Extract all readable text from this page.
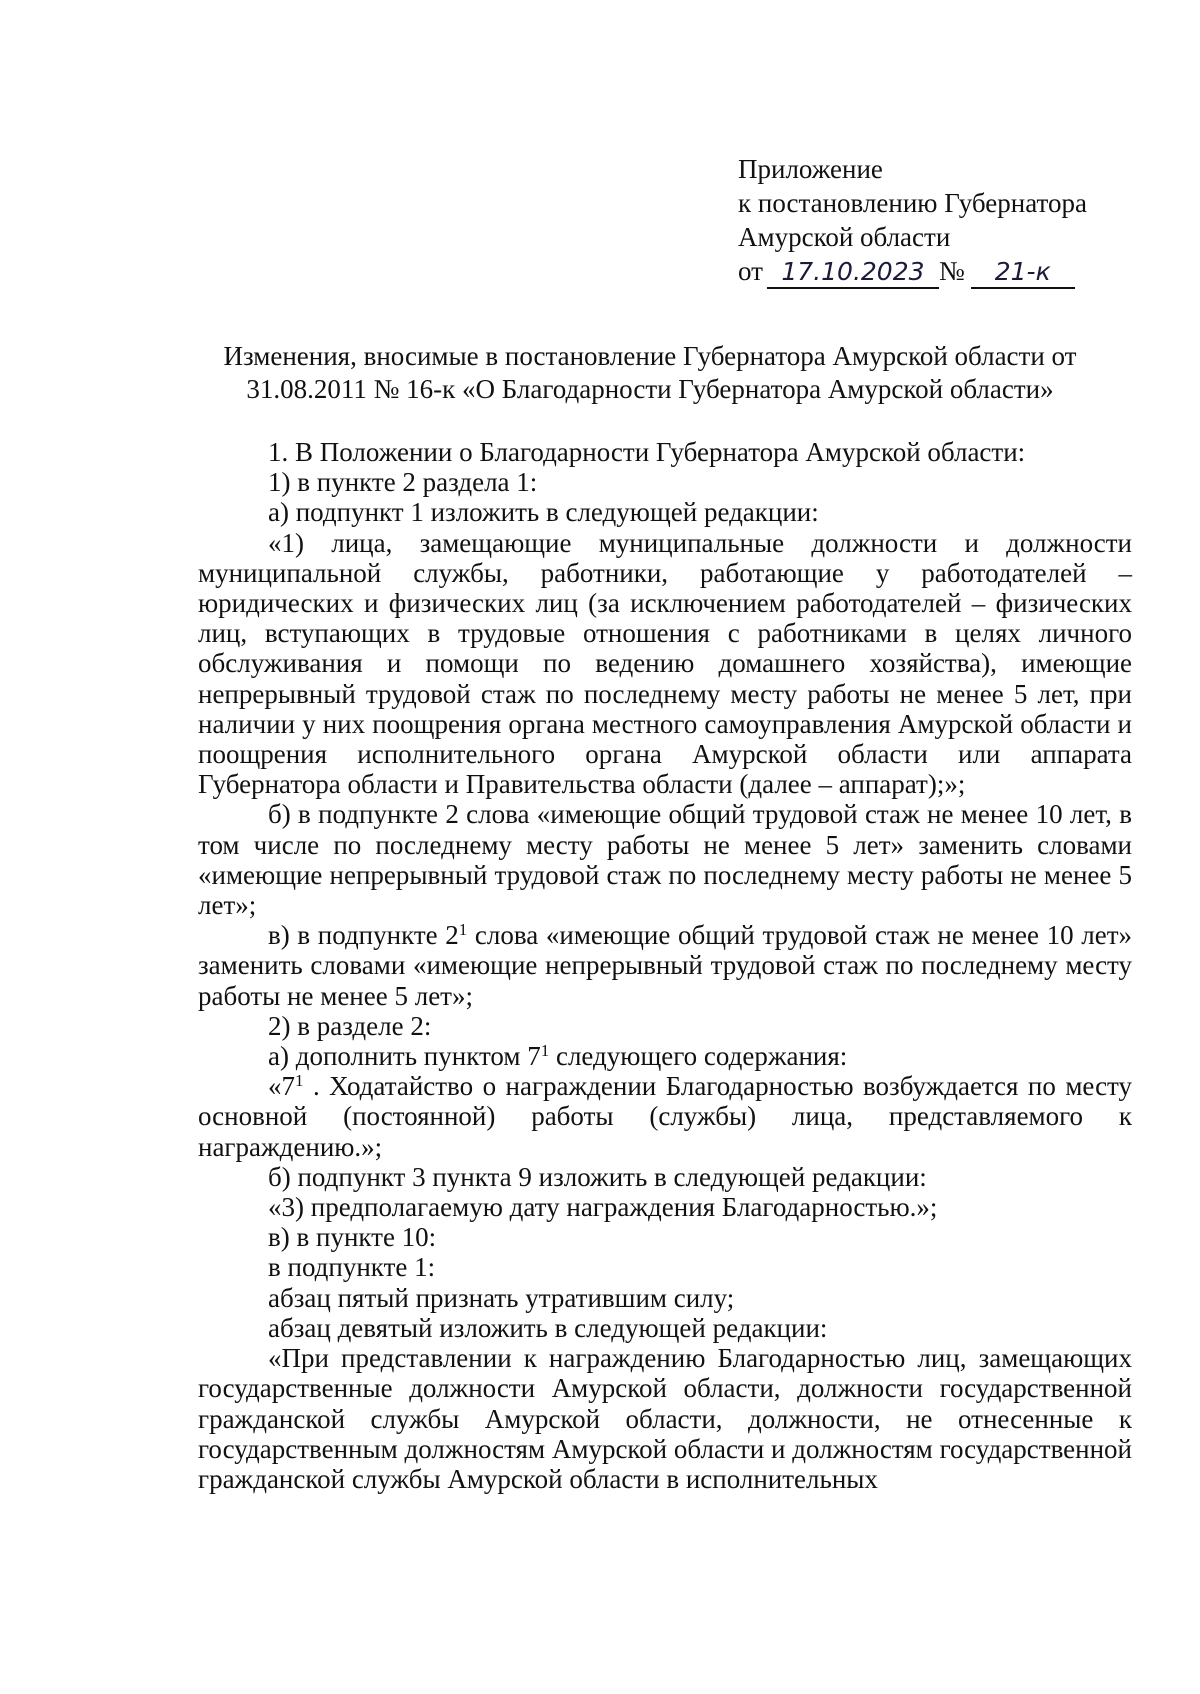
Приложение
к постановлению Губернатора
Амурской области
от 17.10.2023 № 21-к
Изменения, вносимые в постановление Губернатора Амурской области от
31.08.2011 № 16-к «О Благодарности Губернатора Амурской области»

1. В Положении о Благодарности Губернатора Амурской области:

1) в пункте 2 раздела 1:

а) подпункт 1 изложить в следующей редакции:

«1) лица, замещающие муниципальные должности и должности муниципальной службы, работники, работающие у работодателей – юридических и физических лиц (за исключением работодателей – физических лиц, вступающих в трудовые отношения с работниками в целях личного обслуживания и помощи по ведению домашнего хозяйства), имеющие непрерывный трудовой стаж по последнему месту работы не менее 5 лет, при наличии у них поощрения органа местного самоуправления Амурской области и поощрения исполнительного органа Амурской области или аппарата Губернатора области и Правительства области (далее – аппарат);»;

б) в подпункте 2 слова «имеющие общий трудовой стаж не менее 10 лет, в том числе по последнему месту работы не менее 5 лет» заменить словами «имеющие непрерывный трудовой стаж по последнему месту работы не менее 5 лет»;

в) в подпункте $2^1$ слова «имеющие общий трудовой стаж не менее 10 лет» заменить словами «имеющие непрерывный трудовой стаж по последнему месту работы не менее 5 лет»;

2) в разделе 2:

а) дополнить пунктом $7^1$ следующего содержания:

«$7^1$ . Ходатайство о награждении Благодарностью возбуждается по месту основной (постоянной) работы (службы) лица, представляемого к награждению.»;

б) подпункт 3 пункта 9 изложить в следующей редакции:

«3) предполагаемую дату награждения Благодарностью.»;

в) в пункте 10:

в подпункте 1:

абзац пятый признать утратившим силу;

абзац девятый изложить в следующей редакции:

«При представлении к награждению Благодарностью лиц, замещающих государственные должности Амурской области, должности государственной гражданской службы Амурской области, должности, не отнесенные к государственным должностям Амурской области и должностям государственной гражданской службы Амурской области в исполнительных
